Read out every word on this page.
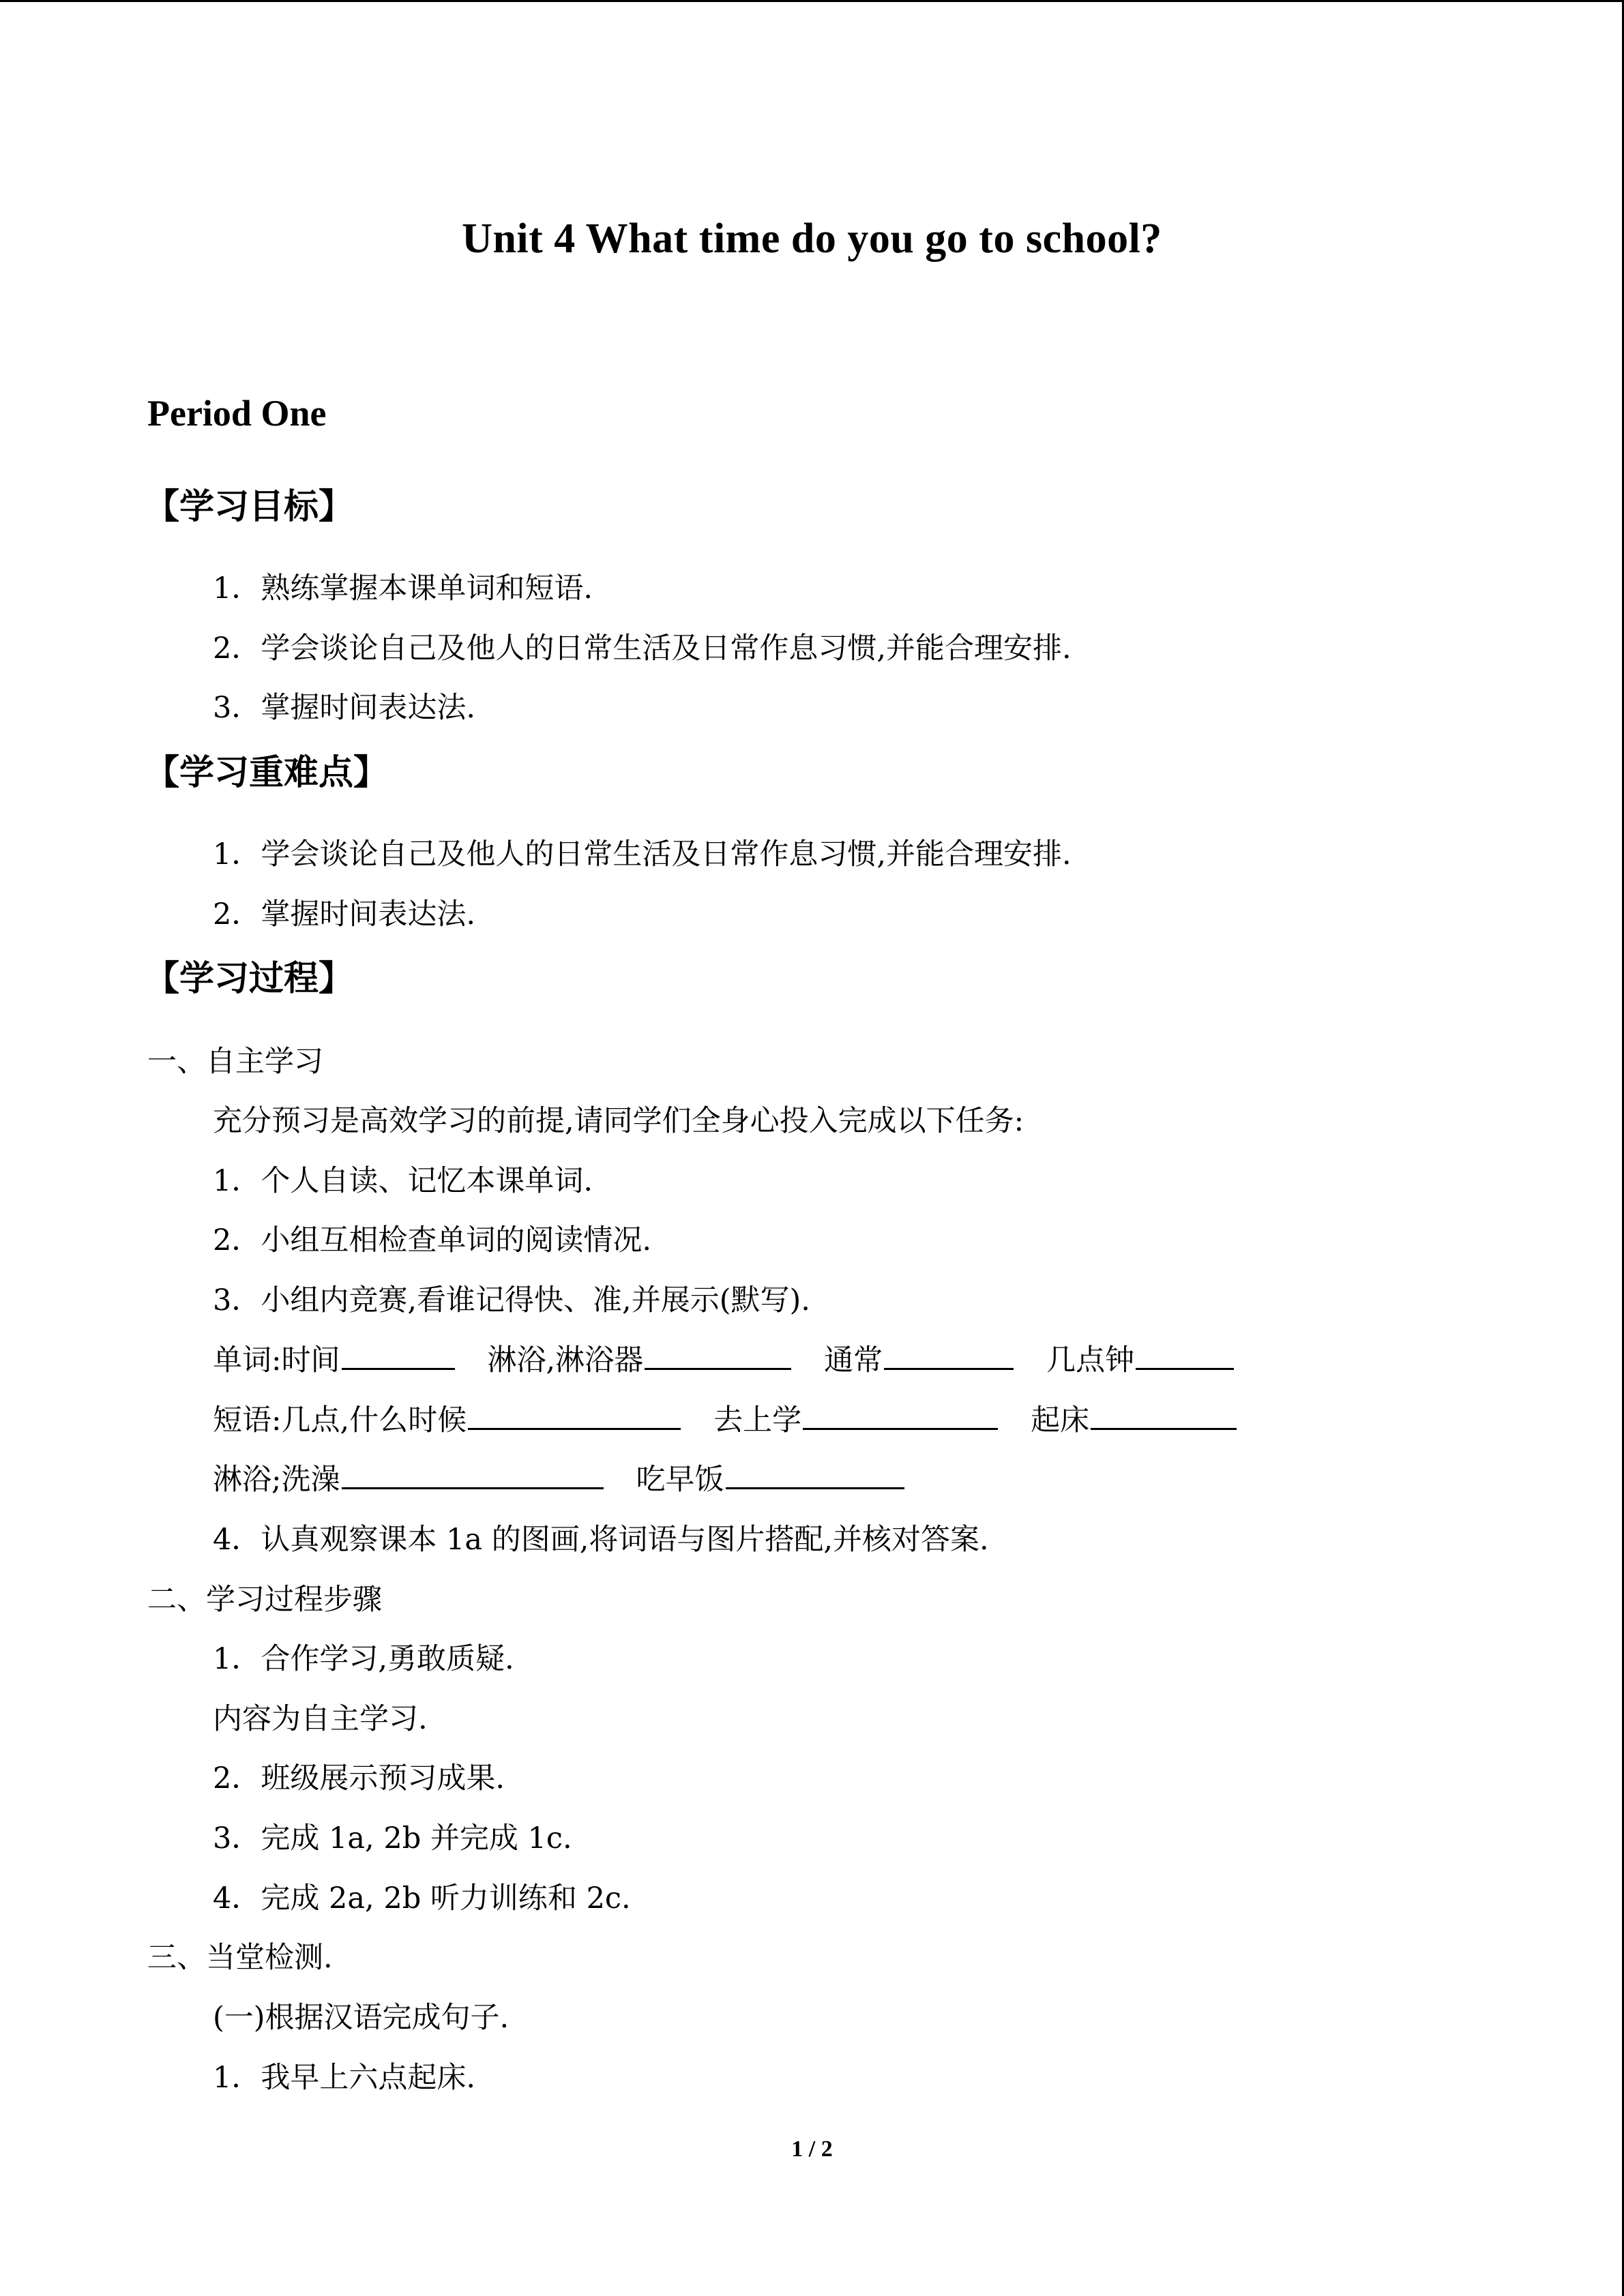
Unit 4 What time do you go to school?
Period One
【学习目标】
1．熟练掌握本课单词和短语.
2．学会谈论自己及他人的日常生活及日常作息习惯,并能合理安排.
3．掌握时间表达法.
【学习重难点】
1．学会谈论自己及他人的日常生活及日常作息习惯,并能合理安排.
2．掌握时间表达法.
【学习过程】
一、自主学习
充分预习是高效学习的前提,请同学们全身心投入完成以下任务:
1．个人自读、记忆本课单词.
2．小组互相检查单词的阅读情况.
3．小组内竞赛,看谁记得快、准,并展示(默写).
单词:时间	淋浴,淋浴器	通常	几点钟
短语:几点,什么时候	去上学	起床
淋浴;洗澡	吃早饭
4．认真观察课本 1a 的图画,将词语与图片搭配,并核对答案.
二、学习过程步骤
1．合作学习,勇敢质疑.
内容为自主学习.
2．班级展示预习成果.
3．完成 1a, 2b 并完成 1c.
4．完成 2a, 2b 听力训练和 2c.
三、当堂检测.
(一)根据汉语完成句子.
1．我早上六点起床.
1 / 2
